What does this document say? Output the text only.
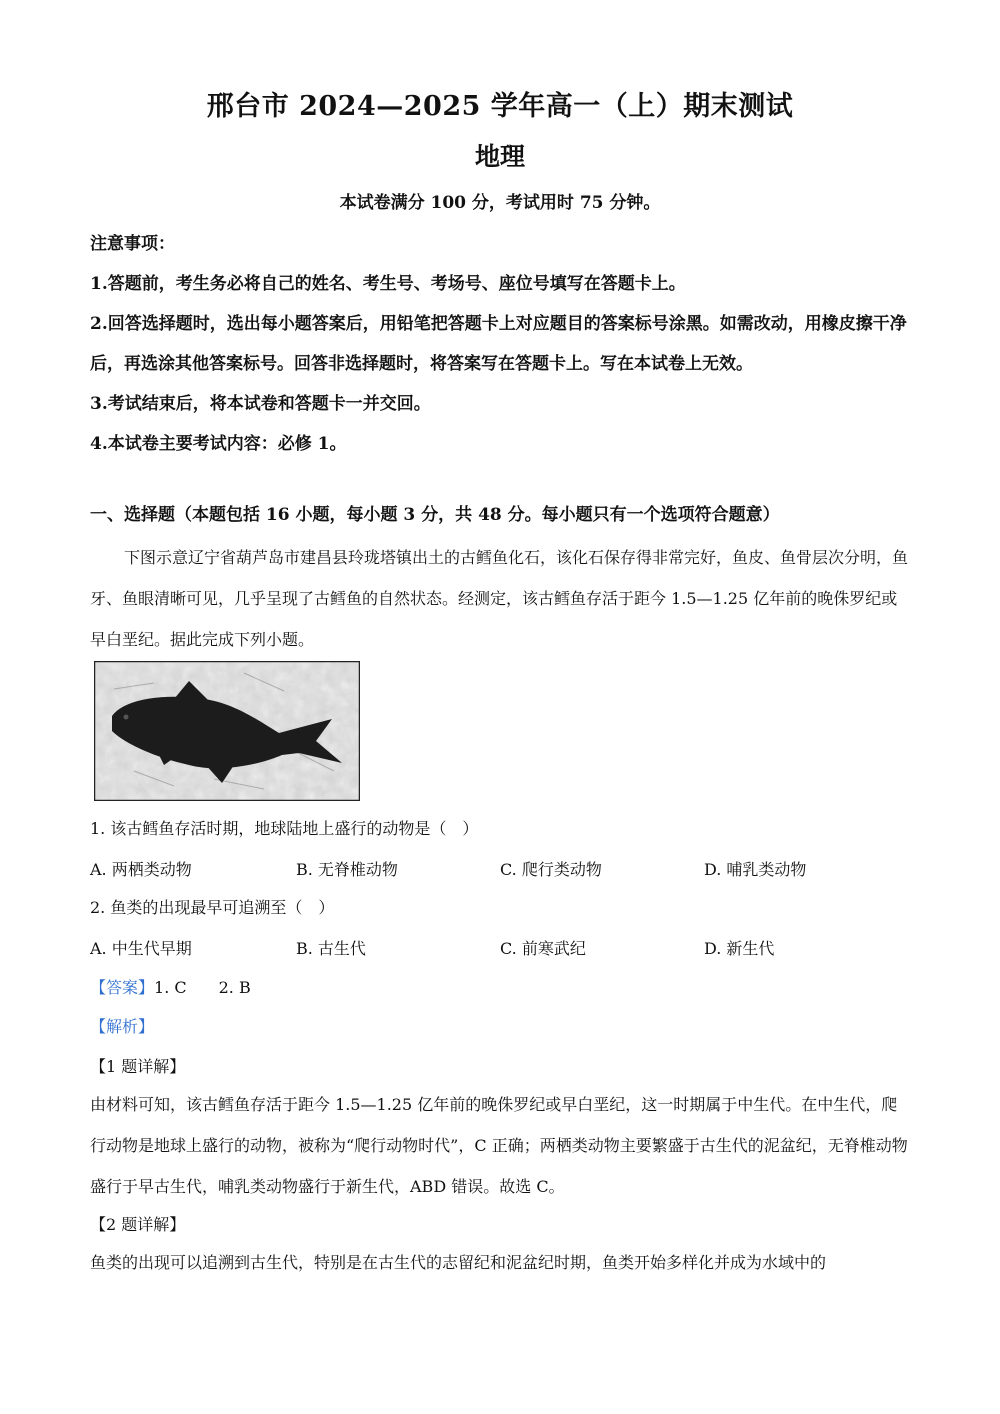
邢台市 2024—2025 学年高一（上）期末测试
地理
本试卷满分 100 分，考试用时 75 分钟。

注意事项：

1.答题前，考生务必将自己的姓名、考生号、考场号、座位号填写在答题卡上。

2.回答选择题时，选出每小题答案后，用铅笔把答题卡上对应题目的答案标号涂黑。如需改动，用橡皮擦干净后，再选涂其他答案标号。回答非选择题时，将答案写在答题卡上。写在本试卷上无效。

3.考试结束后，将本试卷和答题卡一并交回。

4.本试卷主要考试内容：必修 1。

一、选择题（本题包括 16 小题，每小题 3 分，共 48 分。每小题只有一个选项符合题意）

下图示意辽宁省葫芦岛市建昌县玲珑塔镇出土的古鳕鱼化石，该化石保存得非常完好，鱼皮、鱼骨层次分明，鱼牙、鱼眼清晰可见，几乎呈现了古鳕鱼的自然状态。经测定，该古鳕鱼存活于距今 1.5—1.25 亿年前的晚侏罗纪或早白垩纪。据此完成下列小题。

1. 该古鳕鱼存活时期，地球陆地上盛行的动物是（　）
A. 两栖类动物	B. 无脊椎动物	C. 爬行类动物	D. 哺乳类动物
2. 鱼类的出现最早可追溯至（　）
A. 中生代早期	B. 古生代	C. 前寒武纪	D. 新生代
【答案】1. C　　2. B
【解析】
【1 题详解】

由材料可知，该古鳕鱼存活于距今 1.5—1.25 亿年前的晚侏罗纪或早白垩纪，这一时期属于中生代。在中生代，爬行动物是地球上盛行的动物，被称为“爬行动物时代”，C 正确；两栖类动物主要繁盛于古生代的泥盆纪，无脊椎动物盛行于早古生代，哺乳类动物盛行于新生代，ABD 错误。故选 C。

【2 题详解】

鱼类的出现可以追溯到古生代，特别是在古生代的志留纪和泥盆纪时期，鱼类开始多样化并成为水域中的
